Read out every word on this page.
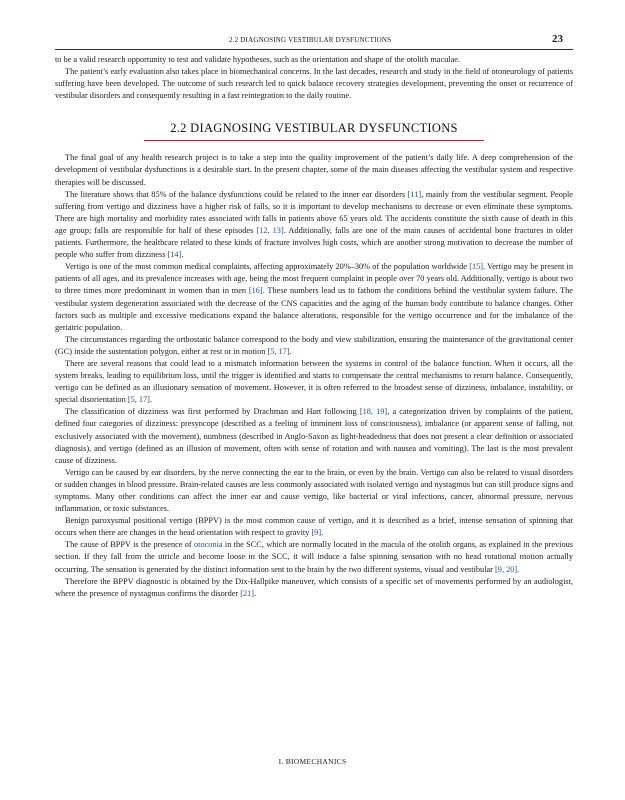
2.2 DIAGNOSING VESTIBULAR DYSFUNCTIONS	23

to be a valid research opportunity to test and validate hypotheses, such as the orientation and shape of the otolith maculae.

The patient’s early evaluation also takes place in biomechanical concerns. In the last decades, research and study in the field of otoneurology of patients suffering have been developed. The outcome of such research led to quick balance recovery strategies development, preventing the onset or recurrence of vestibular disorders and consequently resulting in a fast reintegration to the daily routine.

2.2 DIAGNOSING VESTIBULAR DYSFUNCTIONS

The final goal of any health research project is to take a step into the quality improvement of the patient’s daily life. A deep comprehension of the development of vestibular dysfunctions is a desirable start. In the present chapter, some of the main diseases affecting the vestibular system and respective therapies will be discussed.

The literature shows that 85% of the balance dysfunctions could be related to the inner ear disorders [11], mainly from the vestibular segment. People suffering from vertigo and dizziness have a higher risk of falls, so it is important to develop mechanisms to decrease or even eliminate these symptoms. There are high mortality and morbidity rates associated with falls in patients above 65 years old. The accidents constitute the sixth cause of death in this age group; falls are responsible for half of these episodes [12, 13]. Additionally, falls are one of the main causes of accidental bone fractures in older patients. Furthermore, the healthcare related to these kinds of fracture involves high costs, which are another strong motivation to decrease the number of people who suffer from dizziness [14].

Vertigo is one of the most common medical complaints, affecting approximately 20%–30% of the population worldwide [15]. Vertigo may be present in patients of all ages, and its prevalence increases with age, being the most frequent complaint in people over 70 years old. Additionally, vertigo is about two to three times more predominant in women than in men [16]. These numbers lead us to fathom the conditions behind the vestibular system failure. The vestibular system degeneration associated with the decrease of the CNS capacities and the aging of the human body contribute to balance changes. Other factors such as multiple and excessive medications expand the balance alterations, responsible for the vertigo occurrence and for the imbalance of the geriatric population.

The circumstances regarding the orthostatic balance correspond to the body and view stabilization, ensuring the maintenance of the gravitational center (GC) inside the sustentation polygon, either at rest or in motion [5, 17].

There are several reasons that could lead to a mismatch information between the systems in control of the balance function. When it occurs, all the system breaks, leading to equilibrium loss, until the trigger is identified and starts to compensate the central mechanisms to return balance. Consequently, vertigo can be defined as an illusionary sensation of movement. However, it is often referred to the broadest sense of dizziness, imbalance, instability, or special disorientation [5, 17].

The classification of dizziness was first performed by Drachman and Hart following [18, 19], a categorization driven by complaints of the patient, defined four categories of dizziness: presyncope (described as a feeling of imminent loss of consciousness), imbalance (or apparent sense of falling, not exclusively associated with the movement), numbness (described in Anglo-Saxon as light-headedness that does not present a clear definition or associated diagnosis), and vertigo (defined as an illusion of movement, often with sense of rotation and with nausea and vomiting). The last is the most prevalent cause of dizziness.

Vertigo can be caused by ear disorders, by the nerve connecting the ear to the brain, or even by the brain. Vertigo can also be related to visual disorders or sudden changes in blood pressure. Brain-related causes are less commonly associated with isolated vertigo and nystagmus but can still produce signs and symptoms. Many other conditions can affect the inner ear and cause vertigo, like bacterial or viral infections, cancer, abnormal pressure, nervous inflammation, or toxic substances.

Benign paroxysmal positional vertigo (BPPV) is the most common cause of vertigo, and it is described as a brief, intense sensation of spinning that occurs when there are changes in the head orientation with respect to gravity [9].

The cause of BPPV is the presence of otoconia in the SCC, which are normally located in the macula of the otolith organs, as explained in the previous section. If they fall from the utricle and become loose in the SCC, it will induce a false spinning sensation with no head rotational motion actually occurring. The sensation is generated by the distinct information sent to the brain by the two different systems, visual and vestibular [9, 20].

Therefore the BPPV diagnostic is obtained by the Dix-Hallpike maneuver, which consists of a specific set of movements performed by an audiologist, where the presence of nystagmus confirms the disorder [21].

I. BIOMECHANICS
